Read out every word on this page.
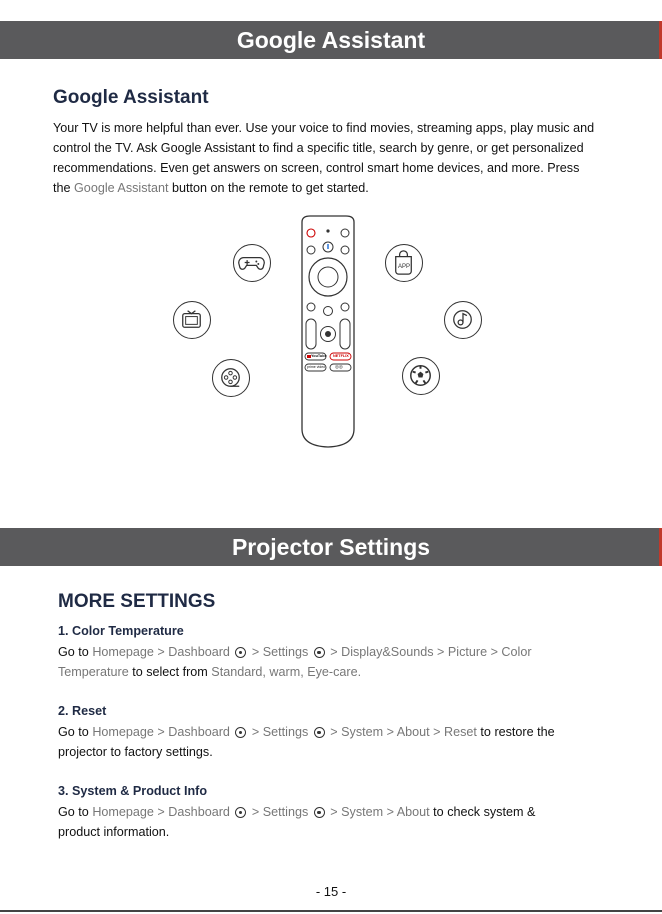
Google Assistant
Google Assistant
Your TV is more helpful than ever. Use your voice to find movies, streaming apps, play music and
control the TV. Ask Google Assistant to find a specific title, search by genre, or get personalized
recommendations. Even get answers on screen, control smart home devices, and more. Press
the Google Assistant button on the remote to get started.
APP
YouTube NETFLIX
prime video ◎◎
Projector Settings
MORE SETTINGS
1. Color Temperature
Go to Homepage > Dashboard  > Settings  > Display&Sounds > Picture > Color
Temperature to select from Standard, warm, Eye-care.
2. Reset
Go to Homepage > Dashboard  > Settings  > System > About > Reset to restore the
projector to factory settings.
3. System & Product Info
Go to Homepage > Dashboard  > Settings  > System > About to check system &
product information.
- 15 -
